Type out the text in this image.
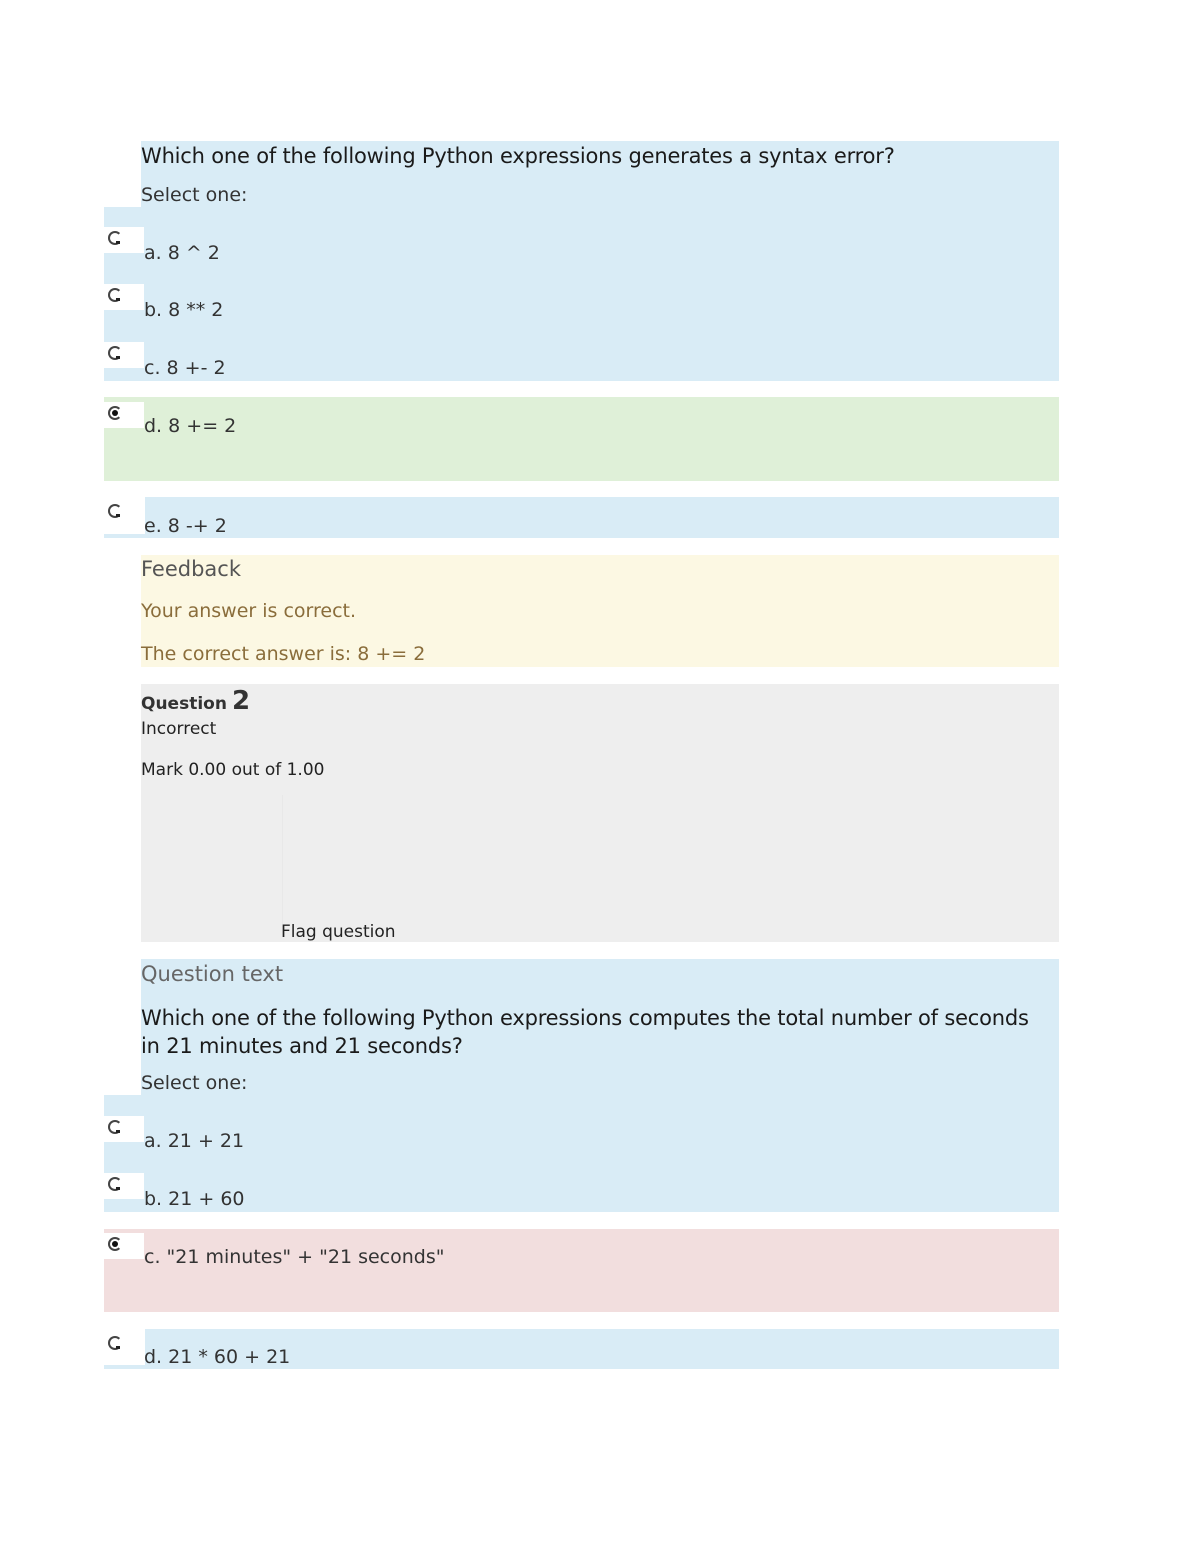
Which one of the following Python expressions generates a syntax error?
Select one:
a. 8 ^ 2
b. 8 ** 2
c. 8 +- 2
d. 8 += 2
e. 8 -+ 2
Feedback
Your answer is correct.
The correct answer is: 8 += 2
Question 2
Incorrect
Mark 0.00 out of 1.00
Flag question
Question text
Which one of the following Python expressions computes the total number of seconds in 21 minutes and 21 seconds?
Select one:
a. 21 + 21
b. 21 + 60
c. "21 minutes" + "21 seconds"
d. 21 * 60 + 21
